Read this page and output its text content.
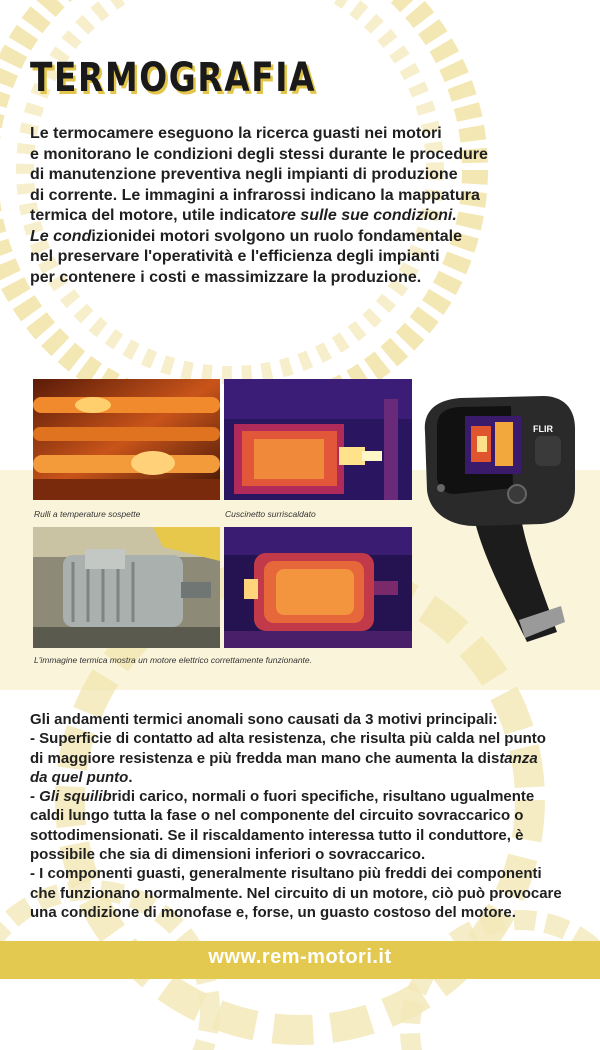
TERMOGRAFIA
Le termocamere eseguono la ricerca guasti nei motori
e monitorano le condizioni degli stessi durante le procedure
di manutenzione preventiva negli impianti di produzione
di corrente. Le immagini a infrarossi indicano la mappatura
termica del motore, utile indicatore sulle sue condizioni.
Le condizionidei motori svolgono un ruolo fondamentale
nel preservare l'operatività e l'efficienza degli impianti
per contenere i costi e massimizzare la produzione.

Rulli a temperature sospette	Cuscinetto surriscaldato

L'immagine termica mostra un motore elettrico correttamente funzionante.

FLIR

Gli andamenti termici anomali sono causati da 3 motivi principali:

- Superficie di contatto ad alta resistenza, che risulta più calda nel punto

di maggiore resistenza e più fredda man mano che aumenta la distanza

da quel punto.

- Gli squilibridi carico, normali o fuori specifiche, risultano ugualmente

caldi lungo tutta la fase o nel componente del circuito sovraccarico o

sottodimensionati. Se il riscaldamento interessa tutto il conduttore, è

possibile che sia di dimensioni inferiori o sovraccarico.

- I componenti guasti, generalmente risultano più freddi dei componenti

che funzionano normalmente. Nel circuito di un motore, ciò può provocare

una condizione di monofase e, forse, un guasto costoso del motore.

www.rem-motori.it
